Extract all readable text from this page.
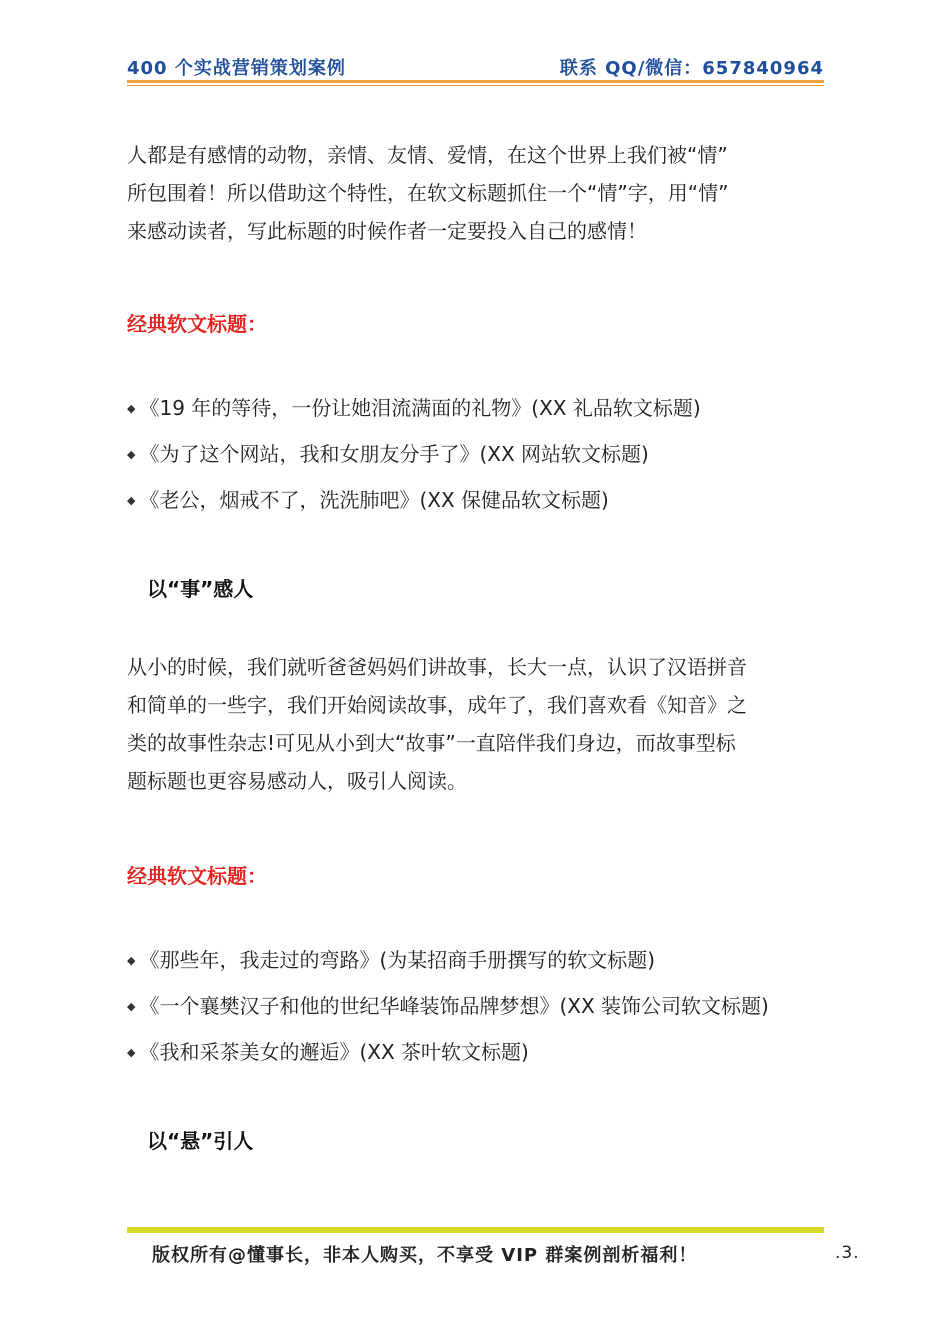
400 个实战营销策划案例	联系 QQ/微信：657840964
人都是有感情的动物，亲情、友情、爱情，在这个世界上我们被“情”
所包围着！所以借助这个特性，在软文标题抓住一个“情”字，用“情”
来感动读者，写此标题的时候作者一定要投入自己的感情！
经典软文标题：
◆ 《19 年的等待，一份让她泪流满面的礼物》(XX 礼品软文标题)
◆ 《为了这个网站，我和女朋友分手了》(XX 网站软文标题)
◆ 《老公，烟戒不了，洗洗肺吧》(XX 保健品软文标题)
以“事”感人
从小的时候，我们就听爸爸妈妈们讲故事，长大一点，认识了汉语拼音
和简单的一些字，我们开始阅读故事，成年了，我们喜欢看《知音》之
类的故事性杂志!可见从小到大“故事”一直陪伴我们身边，而故事型标
题标题也更容易感动人，吸引人阅读。
经典软文标题：
◆ 《那些年，我走过的弯路》(为某招商手册撰写的软文标题)
◆ 《一个襄樊汉子和他的世纪华峰装饰品牌梦想》(XX 装饰公司软文标题)
◆ 《我和采茶美女的邂逅》(XX 茶叶软文标题)
以“悬”引人
版权所有@懂事长，非本人购买，不享受 VIP 群案例剖析福利！	.3.
